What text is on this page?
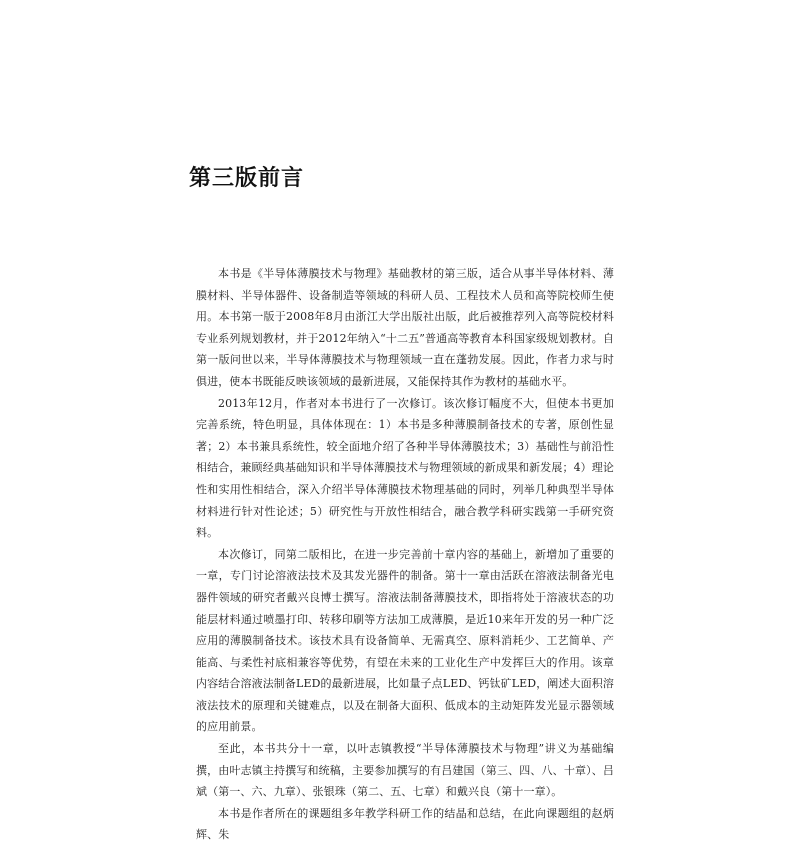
第三版前言

本书是《半导体薄膜技术与物理》基础教材的第三版，适合从事半导体材料、薄膜材料、半导体器件、设备制造等领域的科研人员、工程技术人员和高等院校师生使用。本书第一版于2008年8月由浙江大学出版社出版，此后被推荐列入高等院校材料专业系列规划教材，并于2012年纳入“十二五”普通高等教育本科国家级规划教材。自第一版问世以来，半导体薄膜技术与物理领域一直在蓬勃发展。因此，作者力求与时俱进，使本书既能反映该领域的最新进展，又能保持其作为教材的基础水平。

2013年12月，作者对本书进行了一次修订。该次修订幅度不大，但使本书更加完善系统，特色明显，具体体现在：1）本书是多种薄膜制备技术的专著，原创性显著；2）本书兼具系统性，较全面地介绍了各种半导体薄膜技术；3）基础性与前沿性相结合，兼顾经典基础知识和半导体薄膜技术与物理领域的新成果和新发展；4）理论性和实用性相结合，深入介绍半导体薄膜技术物理基础的同时，列举几种典型半导体材料进行针对性论述；5）研究性与开放性相结合，融合教学科研实践第一手研究资料。

本次修订，同第二版相比，在进一步完善前十章内容的基础上，新增加了重要的一章，专门讨论溶液法技术及其发光器件的制备。第十一章由活跃在溶液法制备光电器件领域的研究者戴兴良博士撰写。溶液法制备薄膜技术，即指将处于溶液状态的功能层材料通过喷墨打印、转移印刷等方法加工成薄膜，是近10来年开发的另一种广泛应用的薄膜制备技术。该技术具有设备简单、无需真空、原料消耗少、工艺简单、产能高、与柔性衬底相兼容等优势，有望在未来的工业化生产中发挥巨大的作用。该章内容结合溶液法制备LED的最新进展，比如量子点LED、钙钛矿LED，阐述大面积溶液法技术的原理和关键难点，以及在制备大面积、低成本的主动矩阵发光显示器领域的应用前景。

至此，本书共分十一章，以叶志镇教授“半导体薄膜技术与物理”讲义为基础编撰，由叶志镇主持撰写和统稿，主要参加撰写的有吕建国（第三、四、八、十章）、吕斌（第一、六、九章）、张银珠（第二、五、七章）和戴兴良（第十一章）。

本书是作者所在的课题组多年教学科研工作的结晶和总结，在此向课题组的赵炳辉、朱
